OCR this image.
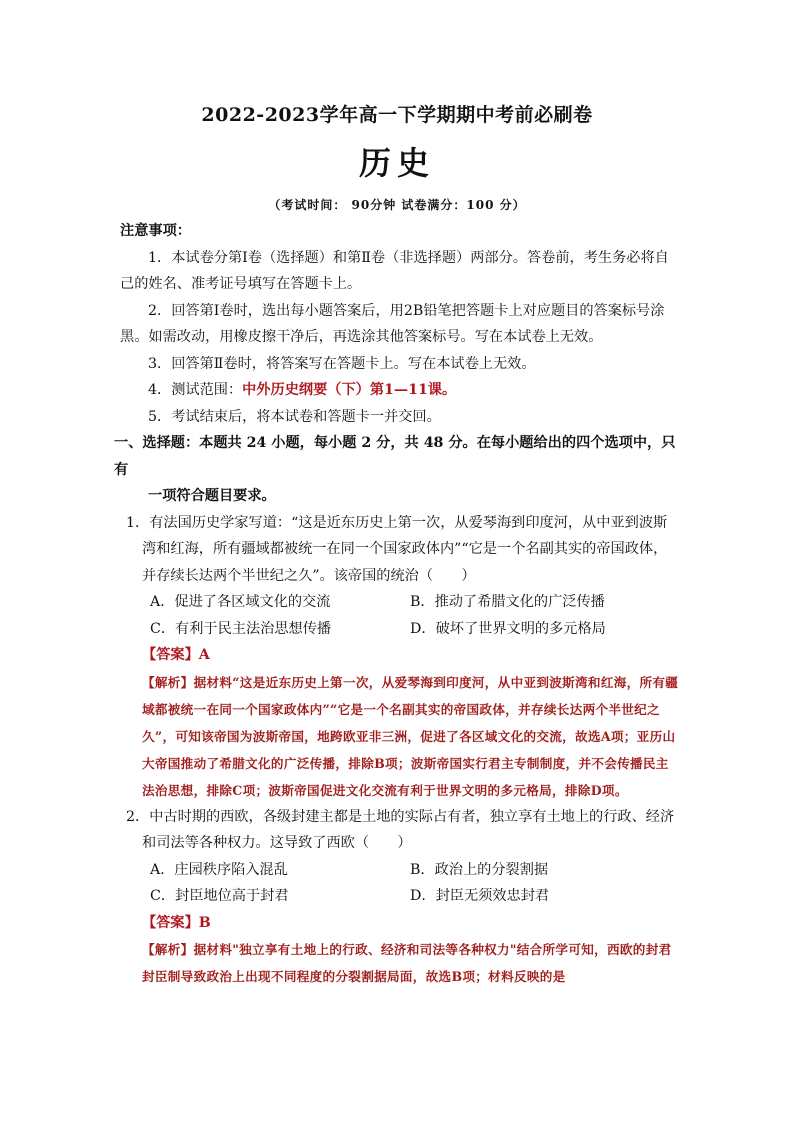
2022-2023学年高一下学期期中考前必刷卷
历史
（考试时间： 90分钟 试卷满分：100 分）

注意事项：

1．本试卷分第Ⅰ卷（选择题）和第Ⅱ卷（非选择题）两部分。答卷前，考生务必将自己的姓名、准考证号填写在答题卡上。

2．回答第Ⅰ卷时，选出每小题答案后，用2B铅笔把答题卡上对应题目的答案标号涂黑。如需改动，用橡皮擦干净后，再选涂其他答案标号。写在本试卷上无效。

3．回答第Ⅱ卷时，将答案写在答题卡上。写在本试卷上无效。

4．测试范围：中外历史纲要（下）第1—11课。

5．考试结束后，将本试卷和答题卡一并交回。

一、选择题：本题共 24 小题，每小题 2 分，共 48 分。在每小题给出的四个选项中，只有

一项符合题目要求。

1．有法国历史学家写道：“这是近东历史上第一次，从爱琴海到印度河，从中亚到波斯湾和红海，所有疆域都被统一在同一个国家政体内”“它是一个名副其实的帝国政体，并存续长达两个半世纪之久”。该帝国的统治（　　）

A．促进了各区域文化的交流	B．推动了希腊文化的广泛传播
C．有利于民主法治思想传播	D．破坏了世界文明的多元格局

【答案】A

【解析】据材料“这是近东历史上第一次，从爱琴海到印度河，从中亚到波斯湾和红海，所有疆域都被统一在同一个国家政体内”“它是一个名副其实的帝国政体，并存续长达两个半世纪之久”，可知该帝国为波斯帝国，地跨欧亚非三洲，促进了各区域文化的交流，故选A项；亚历山大帝国推动了希腊文化的广泛传播，排除B项；波斯帝国实行君主专制制度，并不会传播民主法治思想，排除C项；波斯帝国促进文化交流有利于世界文明的多元格局，排除D项。

2．中古时期的西欧，各级封建主都是土地的实际占有者，独立享有土地上的行政、经济和司法等各种权力。这导致了西欧（　　）

A．庄园秩序陷入混乱	B．政治上的分裂割据
C．封臣地位高于封君	D．封臣无须效忠封君

【答案】B

【解析】据材料"独立享有土地上的行政、经济和司法等各种权力"结合所学可知，西欧的封君封臣制导致政治上出现不同程度的分裂割据局面，故选B项；材料反映的是
